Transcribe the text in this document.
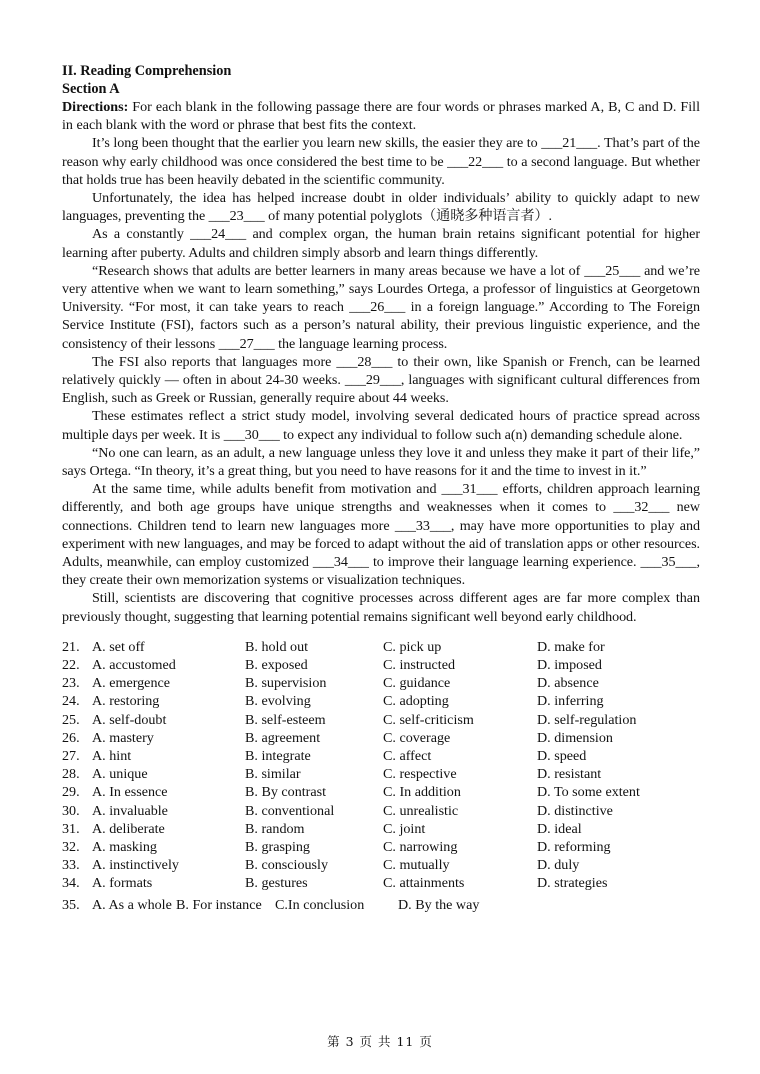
II. Reading Comprehension

Section A

Directions: For each blank in the following passage there are four words or phrases marked A, B, C and D. Fill in each blank with the word or phrase that best fits the context.

It’s long been thought that the earlier you learn new skills, the easier they are to ___21___. That’s part of the reason why early childhood was once considered the best time to be ___22___ to a second language. But whether that holds true has been heavily debated in the scientific community.

Unfortunately, the idea has helped increase doubt in older individuals’ ability to quickly adapt to new languages, preventing the ___23___ of many potential polyglots（通晓多种语言者）.

As a constantly ___24___ and complex organ, the human brain retains significant potential for higher learning after puberty. Adults and children simply absorb and learn things differently.

“Research shows that adults are better learners in many areas because we have a lot of ___25___ and we’re very attentive when we want to learn something,” says Lourdes Ortega, a professor of linguistics at Georgetown University. “For most, it can take years to reach ___26___ in a foreign language.” According to The Foreign Service Institute (FSI), factors such as a person’s natural ability, their previous linguistic experience, and the consistency of their lessons ___27___ the language learning process.

The FSI also reports that languages more ___28___ to their own, like Spanish or French, can be learned relatively quickly — often in about 24-30 weeks. ___29___, languages with significant cultural differences from English, such as Greek or Russian, generally require about 44 weeks.

These estimates reflect a strict study model, involving several dedicated hours of practice spread across multiple days per week. It is ___30___ to expect any individual to follow such a(n) demanding schedule alone.

“No one can learn, as an adult, a new language unless they love it and unless they make it part of their life,” says Ortega. “In theory, it’s a great thing, but you need to have reasons for it and the time to invest in it.”

At the same time, while adults benefit from motivation and ___31___ efforts, children approach learning differently, and both age groups have unique strengths and weaknesses when it comes to ___32___ new connections. Children tend to learn new languages more ___33___, may have more opportunities to play and experiment with new languages, and may be forced to adapt without the aid of translation apps or other resources. Adults, meanwhile, can employ customized ___34___ to improve their language learning experience. ___35___, they create their own memorization systems or visualization techniques.

Still, scientists are discovering that cognitive processes across different ages are far more complex than previously thought, suggesting that learning potential remains significant well beyond early childhood.

21. A. set off	B. hold out	C. pick up	D. make for
22. A. accustomed	B. exposed	C. instructed	D. imposed
23. A. emergence	B. supervision	C. guidance	D. absence
24. A. restoring	B. evolving	C. adopting	D. inferring
25. A. self-doubt	B. self-esteem	C. self-criticism	D. self-regulation
26. A. mastery	B. agreement	C. coverage	D. dimension
27. A. hint	B. integrate	C. affect	D. speed
28. A. unique	B. similar	C. respective	D. resistant
29. A. In essence	B. By contrast	C. In addition	D. To some extent
30. A. invaluable	B. conventional	C. unrealistic	D. distinctive
31. A. deliberate	B. random	C. joint	D. ideal
32. A. masking	B. grasping	C. narrowing	D. reforming
33. A. instinctively	B. consciously	C. mutually	D. duly
34. A. formats	B. gestures	C. attainments	D. strategies
35. A. As a whole B. For instance C.In conclusion	D. By the way
第 3 页 共 11 页
